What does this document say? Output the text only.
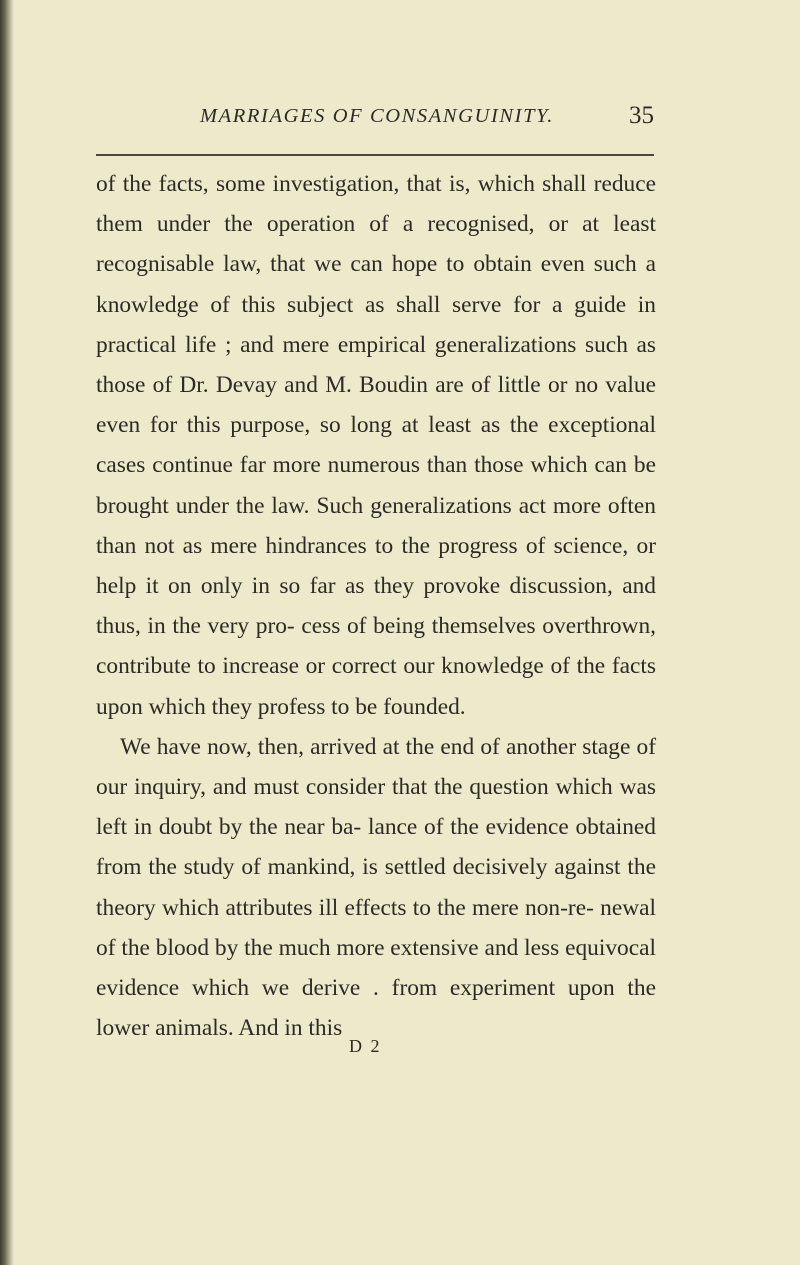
MARRIAGES OF CONSANGUINITY.	35

of the facts, some investigation, that is, which shall reduce them under the operation of a recognised, or at least recognisable law, that we can hope to obtain even such a knowledge of this subject as shall serve for a guide in practical life ; and mere empirical generalizations such as those of Dr. Devay and M. Boudin are of little or no value even for this purpose, so long at least as the exceptional cases continue far more numerous than those which can be brought under the law. Such generalizations act more often than not as mere hindrances to the progress of science, or help it on only in so far as they provoke discussion, and thus, in the very pro- cess of being themselves overthrown, contribute to increase or correct our knowledge of the facts upon which they profess to be founded.

We have now, then, arrived at the end of another stage of our inquiry, and must consider that the question which was left in doubt by the near ba- lance of the evidence obtained from the study of mankind, is settled decisively against the theory which attributes ill effects to the mere non-re- newal of the blood by the much more extensive and less equivocal evidence which we derive . from experiment upon the lower animals. And in this

D 2
